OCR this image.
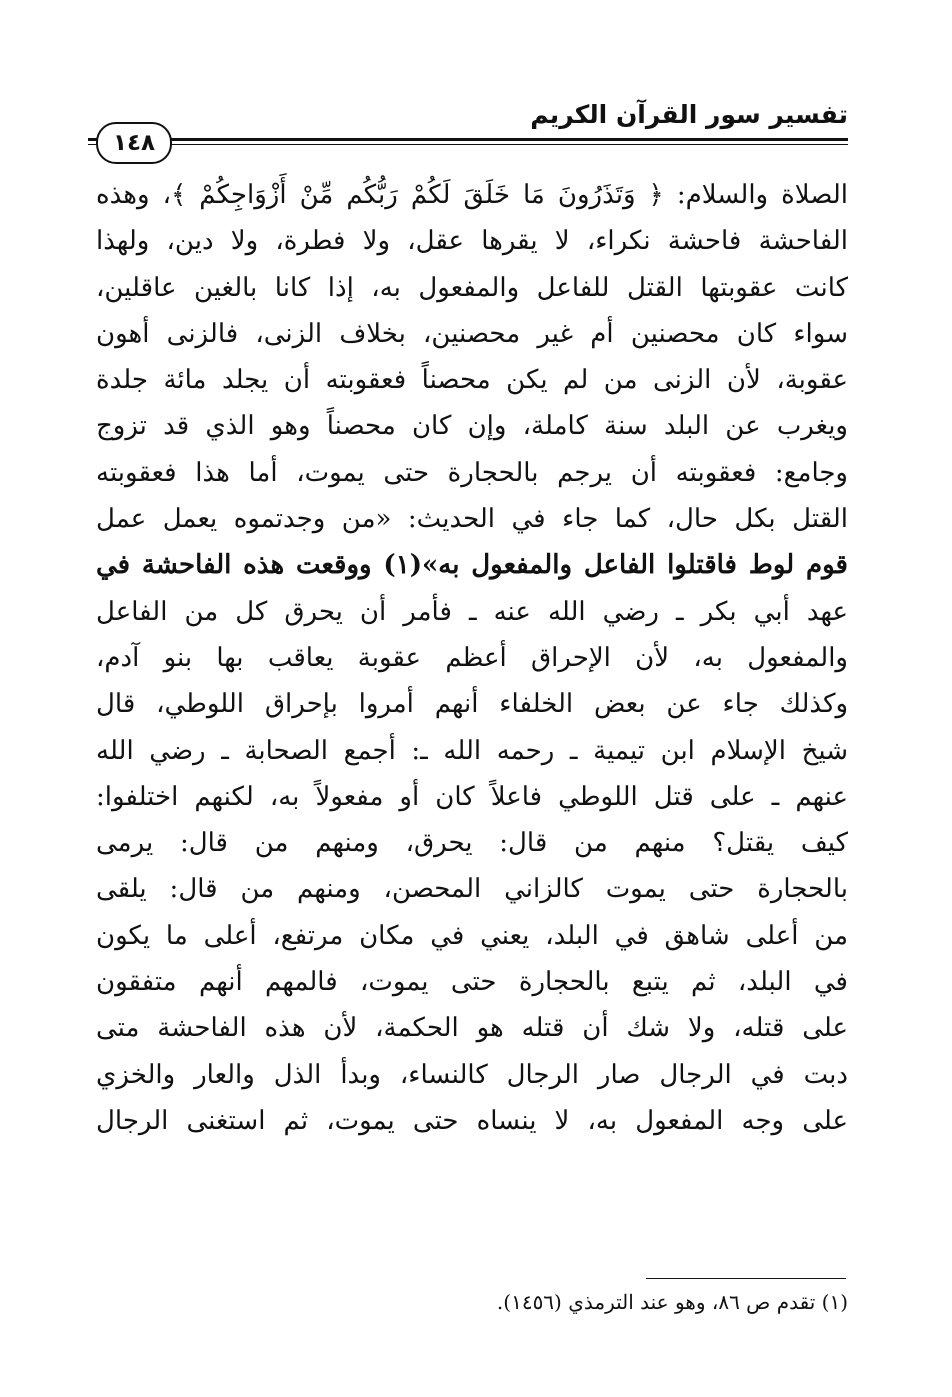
تفسير سور القرآن الكريم
١٤٨
الصلاة والسلام: ﴿ وَتَذَرُونَ مَا خَلَقَ لَكُمْ رَبُّكُم مِّنْ أَزْوَاجِكُمْ ﴾، وهذه
الفاحشة فاحشة نكراء، لا يقرها عقل، ولا فطرة، ولا دين، ولهذا
كانت عقوبتها القتل للفاعل والمفعول به، إذا كانا بالغين عاقلين،
سواء كان محصنين أم غير محصنين، بخلاف الزنى، فالزنى أهون
عقوبة، لأن الزنى من لم يكن محصناً فعقوبته أن يجلد مائة جلدة
ويغرب عن البلد سنة كاملة، وإن كان محصناً وهو الذي قد تزوج
وجامع: فعقوبته أن يرجم بالحجارة حتى يموت، أما هذا فعقوبته
القتل بكل حال، كما جاء في الحديث: «من وجدتموه يعمل عمل
قوم لوط فاقتلوا الفاعل والمفعول به»(١) ووقعت هذه الفاحشة في
عهد أبي بكر ـ رضي الله عنه ـ فأمر أن يحرق كل من الفاعل
والمفعول به، لأن الإحراق أعظم عقوبة يعاقب بها بنو آدم،
وكذلك جاء عن بعض الخلفاء أنهم أمروا بإحراق اللوطي، قال
شيخ الإسلام ابن تيمية ـ رحمه الله ـ: أجمع الصحابة ـ رضي الله
عنهم ـ على قتل اللوطي فاعلاً كان أو مفعولاً به، لكنهم اختلفوا:
كيف يقتل؟ منهم من قال: يحرق، ومنهم من قال: يرمى
بالحجارة حتى يموت كالزاني المحصن، ومنهم من قال: يلقى
من أعلى شاهق في البلد، يعني في مكان مرتفع، أعلى ما يكون
في البلد، ثم يتبع بالحجارة حتى يموت، فالمهم أنهم متفقون
على قتله، ولا شك أن قتله هو الحكمة، لأن هذه الفاحشة متى
دبت في الرجال صار الرجال كالنساء، وبدأ الذل والعار والخزي
على وجه المفعول به، لا ينساه حتى يموت، ثم استغنى الرجال
(١) تقدم ص ٨٦، وهو عند الترمذي (١٤٥٦).
